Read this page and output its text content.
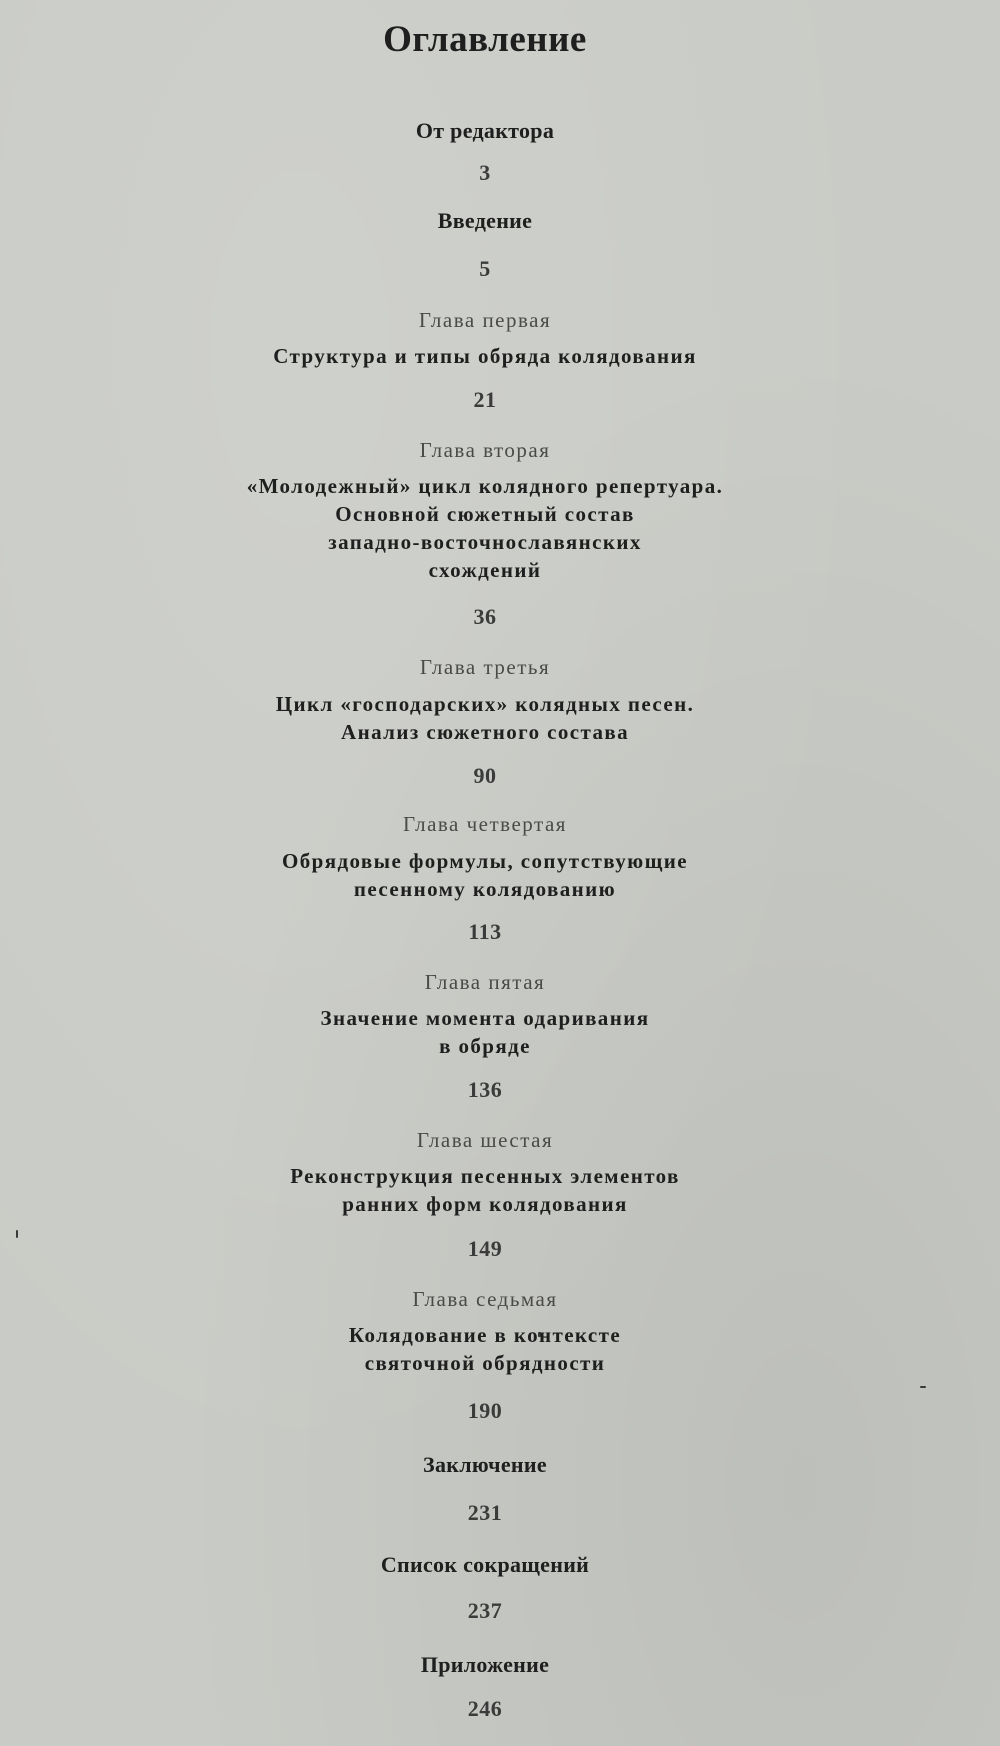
Оглавление
От редактора
3
Введение
5
Глава первая
Структура и типы обряда колядования
21
Глава вторая
«Молодежный» цикл колядного репертуара.
Основной сюжетный состав
западно-восточнославянских
схождений
36
Глава третья
Цикл «господарских» колядных песен.
Анализ сюжетного состава
90
Глава четвертая
Обрядовые формулы, сопутствующие
песенному колядованию
113
Глава пятая
Значение момента одаривания
в обряде
136
Глава шестая
Реконструкция песенных элементов
ранних форм колядования
149
Глава седьмая
Колядование в контексте
святочной обрядности
190
Заключение
231
Список сокращений
237
Приложение
246
